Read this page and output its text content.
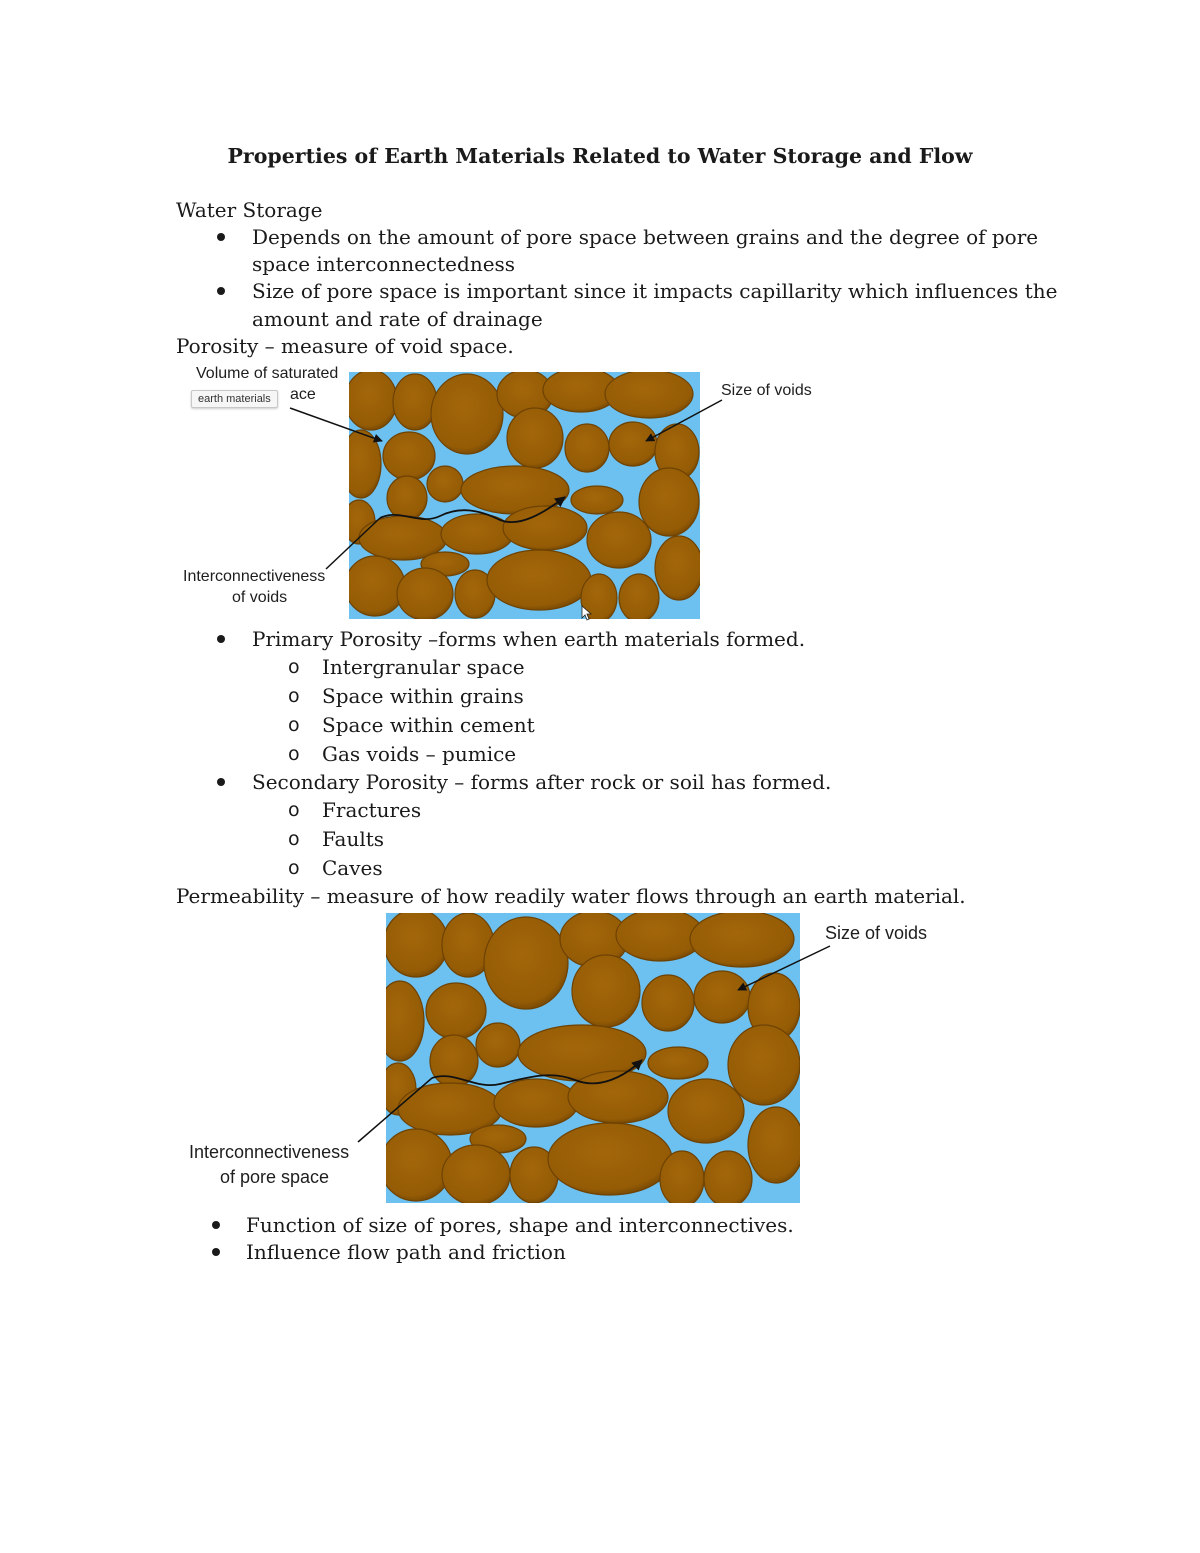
Properties of Earth Materials Related to Water Storage and Flow
Water Storage
Depends on the amount of pore space between grains and the degree of pore
space interconnectedness
Size of pore space is important since it impacts capillarity which influences the
amount and rate of drainage
Porosity – measure of void space.
Volume of saturated
ace
earth materials	Size of voids
Interconnectiveness
of voids
Primary Porosity –forms when earth materials formed.
o Intergranular space
o Space within grains
o Space within cement
o Gas voids – pumice
Secondary Porosity – forms after rock or soil has formed.
o Fractures
o Faults
o Caves
Permeability – measure of how readily water flows through an earth material.
Size of voids
Interconnectiveness
of pore space
Function of size of pores, shape and interconnectives.
Influence flow path and friction
